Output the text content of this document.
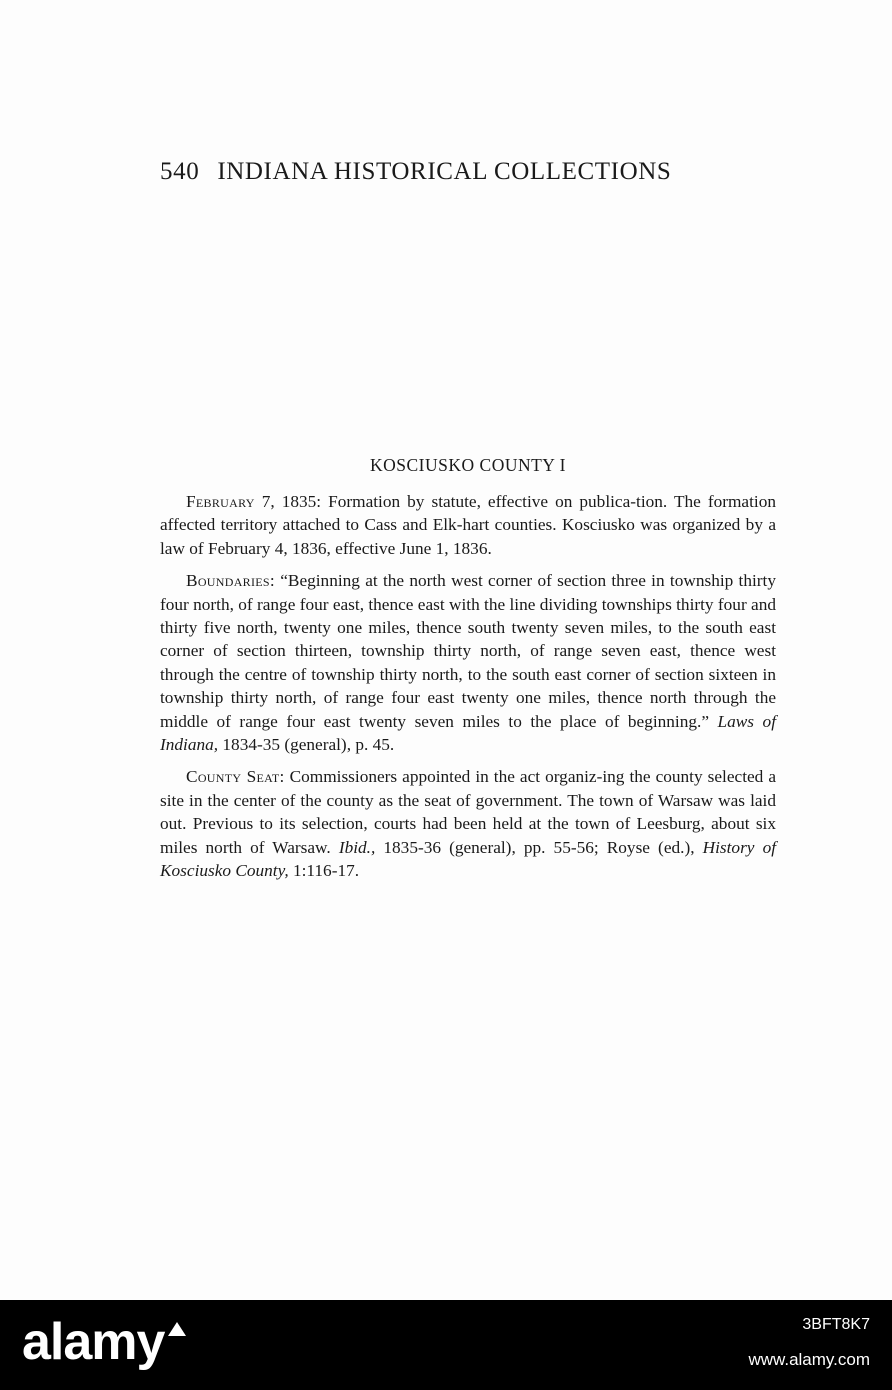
540 INDIANA HISTORICAL COLLECTIONS
KOSCIUSKO COUNTY I

February 7, 1835: Formation by statute, effective on publica-tion. The formation affected territory attached to Cass and Elk-hart counties. Kosciusko was organized by a law of February 4, 1836, effective June 1, 1836.

Boundaries: “Beginning at the north west corner of section three in township thirty four north, of range four east, thence east with the line dividing townships thirty four and thirty five north, twenty one miles, thence south twenty seven miles, to the south east corner of section thirteen, township thirty north, of range seven east, thence west through the centre of township thirty north, to the south east corner of section sixteen in township thirty north, of range four east twenty one miles, thence north through the middle of range four east twenty seven miles to the place of beginning.” Laws of Indiana, 1834-35 (general), p. 45.

County Seat: Commissioners appointed in the act organiz-ing the county selected a site in the center of the county as the seat of government. The town of Warsaw was laid out. Previous to its selection, courts had been held at the town of Leesburg, about six miles north of Warsaw. Ibid., 1835-36 (general), pp. 55-56; Royse (ed.), History of Kosciusko County, 1:116-17.

alamy	3BFT8K7
www.alamy.com
